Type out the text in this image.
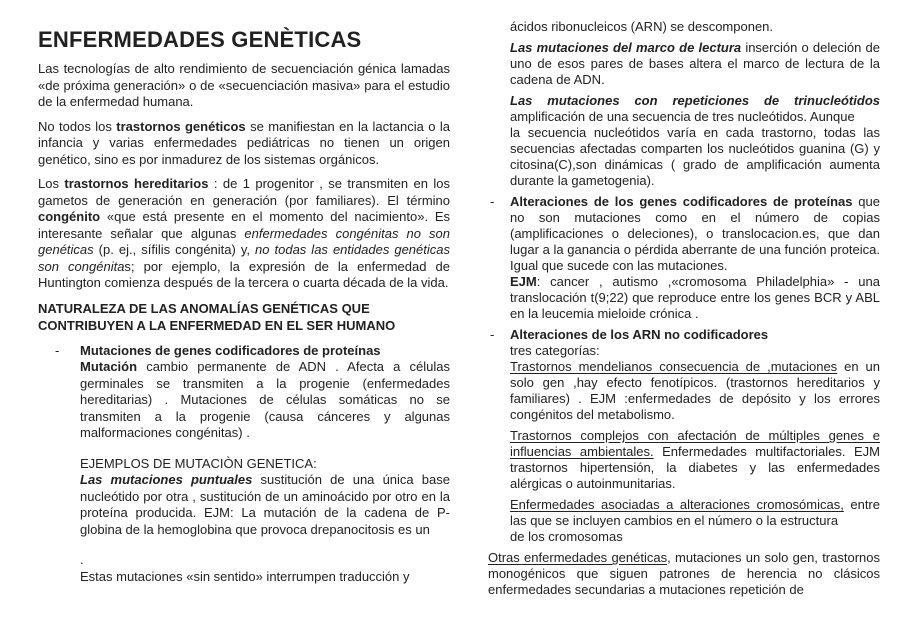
ENFERMEDADES GENÈTICAS
Las tecnologías de alto rendimiento de secuenciación génica lamadas «de próxima generación» o de «secuenciación masiva» para el estudio de la enfermedad humana.
No todos los trastornos genéticos se manifiestan en la lactancia o la infancia y varias enfermedades pediátricas no tienen un origen genético, sino es por inmadurez de los sistemas orgánicos.
Los trastornos hereditarios : de 1 progenitor , se transmiten en los gametos de generación en generación (por familiares). El término congénito «que está presente en el momento del nacimiento». Es interesante señalar que algunas enfermedades congénitas no son genéticas (p. ej., sífilis congénita) y, no todas las entidades genéticas son congénitas; por ejemplo, la expresión de la enfermedad de Huntington comienza después de la tercera o cuarta década de la vida.
NATURALEZA DE LAS ANOMALÍAS GENÉTICAS QUE CONTRIBUYEN A LA ENFERMEDAD EN EL SER HUMANO
- Mutaciones de genes codificadores de proteínas
Mutación cambio permanente de ADN . Afecta a células germinales se transmiten a la progenie (enfermedades hereditarias) . Mutaciones de células somáticas no se transmiten a la progenie (causa cánceres y algunas malformaciones congénitas) .
EJEMPLOS DE MUTACIÒN GENETICA:
Las mutaciones puntuales sustitución de una única base nucleótido por otra , sustitución de un aminoácido por otro en la proteína producida. EJM: La mutación de la cadena de P-globina de la hemoglobina que provoca drepanocitosis es un
.
Estas mutaciones «sin sentido» interrumpen traducción y
ácidos ribonucleicos (ARN) se descomponen.
Las mutaciones del marco de lectura inserción o deleción de uno de esos pares de bases altera el marco de lectura de la cadena de ADN.
Las mutaciones con repeticiones de trinucleótidos amplificación de una secuencia de tres nucleótidos. Aunque
la secuencia nucleótidos varía en cada trastorno, todas las secuencias afectadas comparten los nucleótidos guanina (G) y citosina(C),son dinámicas ( grado de amplificación aumenta durante la gametogenia).
- Alteraciones de los genes codificadores de proteínas que no son mutaciones como en el número de copias (amplificaciones o deleciones), o translocacion.es, que dan lugar a la ganancia o pérdida aberrante de una función proteica. Igual que sucede con las mutaciones.
EJM: cancer , autismo ,«cromosoma Philadelphia» - una translocación t(9;22) que reproduce entre los genes BCR y ABL en la leucemia mieloide crónica .
- Alteraciones de los ARN no codificadores
tres categorías:
Trastornos mendelianos consecuencia de ,mutaciones en un solo gen ,hay efecto fenotípicos. (trastornos hereditarios y familiares) . EJM :enfermedades de depósito y los errores congénitos del metabolismo.
Trastornos complejos con afectación de múltiples genes e influencias ambientales. Enfermedades multifactoriales. EJM trastornos hipertensión, la diabetes y las enfermedades alérgicas o autoinmunitarias.
Enfermedades asociadas a alteraciones cromosómicas, entre las que se incluyen cambios en el número o la estructura
de los cromosomas
Otras enfermedades genéticas, mutaciones un solo gen, trastornos monogénicos que siguen patrones de herencia no clásicos enfermedades secundarias a mutaciones repetición de
